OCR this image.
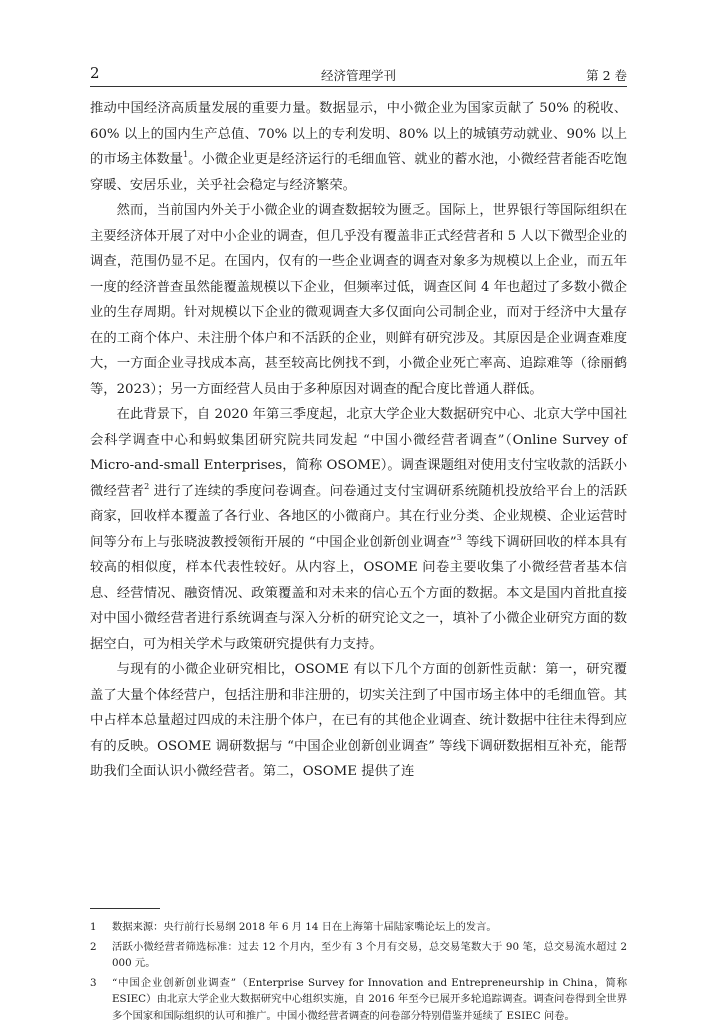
2	经济管理学刊	第 2 卷

推动中国经济高质量发展的重要力量。数据显示，中小微企业为国家贡献了 50% 的税收、60% 以上的国内生产总值、70% 以上的专利发明、80% 以上的城镇劳动就业、90% 以上的市场主体数量$^1$。小微企业更是经济运行的毛细血管、就业的蓄水池，小微经营者能否吃饱穿暖、安居乐业，关乎社会稳定与经济繁荣。

然而，当前国内外关于小微企业的调查数据较为匮乏。国际上，世界银行等国际组织在主要经济体开展了对中小企业的调查，但几乎没有覆盖非正式经营者和 5 人以下微型企业的调查，范围仍显不足。在国内，仅有的一些企业调查的调查对象多为规模以上企业，而五年一度的经济普查虽然能覆盖规模以下企业，但频率过低，调查区间 4 年也超过了多数小微企业的生存周期。针对规模以下企业的微观调查大多仅面向公司制企业，而对于经济中大量存在的工商个体户、未注册个体户和不活跃的企业，则鲜有研究涉及。其原因是企业调查难度大，一方面企业寻找成本高，甚至较高比例找不到，小微企业死亡率高、追踪难等（徐丽鹤等，2023）；另一方面经营人员由于多种原因对调查的配合度比普通人群低。

在此背景下，自 2020 年第三季度起，北京大学企业大数据研究中心、北京大学中国社会科学调查中心和蚂蚁集团研究院共同发起 “中国小微经营者调查”（Online Survey of Micro-and-small Enterprises，简称 OSOME）。调查课题组对使用支付宝收款的活跃小微经营者$^2$ 进行了连续的季度问卷调查。问卷通过支付宝调研系统随机投放给平台上的活跃商家，回收样本覆盖了各行业、各地区的小微商户。其在行业分类、企业规模、企业运营时间等分布上与张晓波教授领衔开展的 “中国企业创新创业调查”$^3$ 等线下调研回收的样本具有较高的相似度，样本代表性较好。从内容上，OSOME 问卷主要收集了小微经营者基本信息、经营情况、融资情况、政策覆盖和对未来的信心五个方面的数据。本文是国内首批直接对中国小微经营者进行系统调查与深入分析的研究论文之一，填补了小微企业研究方面的数据空白，可为相关学术与政策研究提供有力支持。

与现有的小微企业研究相比，OSOME 有以下几个方面的创新性贡献：第一，研究覆盖了大量个体经营户，包括注册和非注册的，切实关注到了中国市场主体中的毛细血管。其中占样本总量超过四成的未注册个体户，在已有的其他企业调查、统计数据中往往未得到应有的反映。OSOME 调研数据与 “中国企业创新创业调查” 等线下调研数据相互补充，能帮助我们全面认识小微经营者。第二，OSOME 提供了连

1	数据来源：央行前行长易纲 2018 年 6 月 14 日在上海第十届陆家嘴论坛上的发言。
2	活跃小微经营者筛选标准：过去 12 个月内，至少有 3 个月有交易，总交易笔数大于 90 笔，总交易流水超过 2 000 元。
3	“中国企业创新创业调查”（Enterprise Survey for Innovation and Entrepreneurship in China，简称 ESIEC）由北京大学企业大数据研究中心组织实施，自 2016 年至今已展开多轮追踪调查。调查问卷得到全世界多个国家和国际组织的认可和推广。中国小微经营者调查的问卷部分特别借鉴并延续了 ESIEC 问卷。
